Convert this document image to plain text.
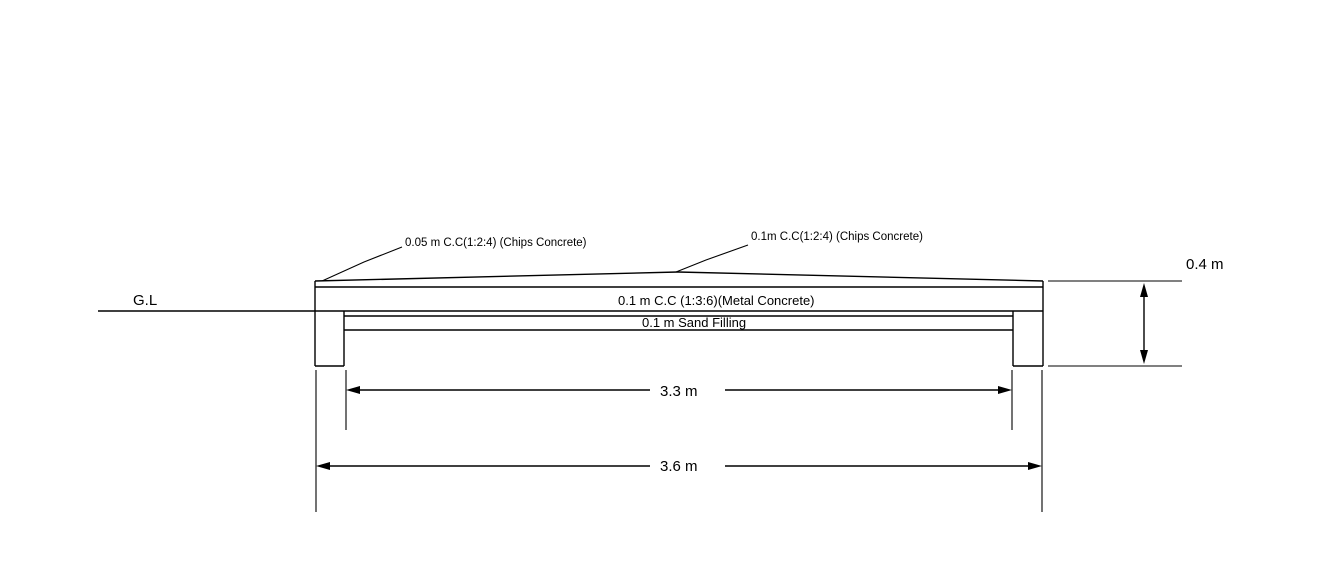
G.L
0.05 m C.C(1:2:4) (Chips Concrete)	0.1m C.C(1:2:4) (Chips Concrete)
0.1 m C.C (1:3:6)(Metal Concrete)
0.1 m Sand Filling
3.3 m
3.6 m
0.4 m
